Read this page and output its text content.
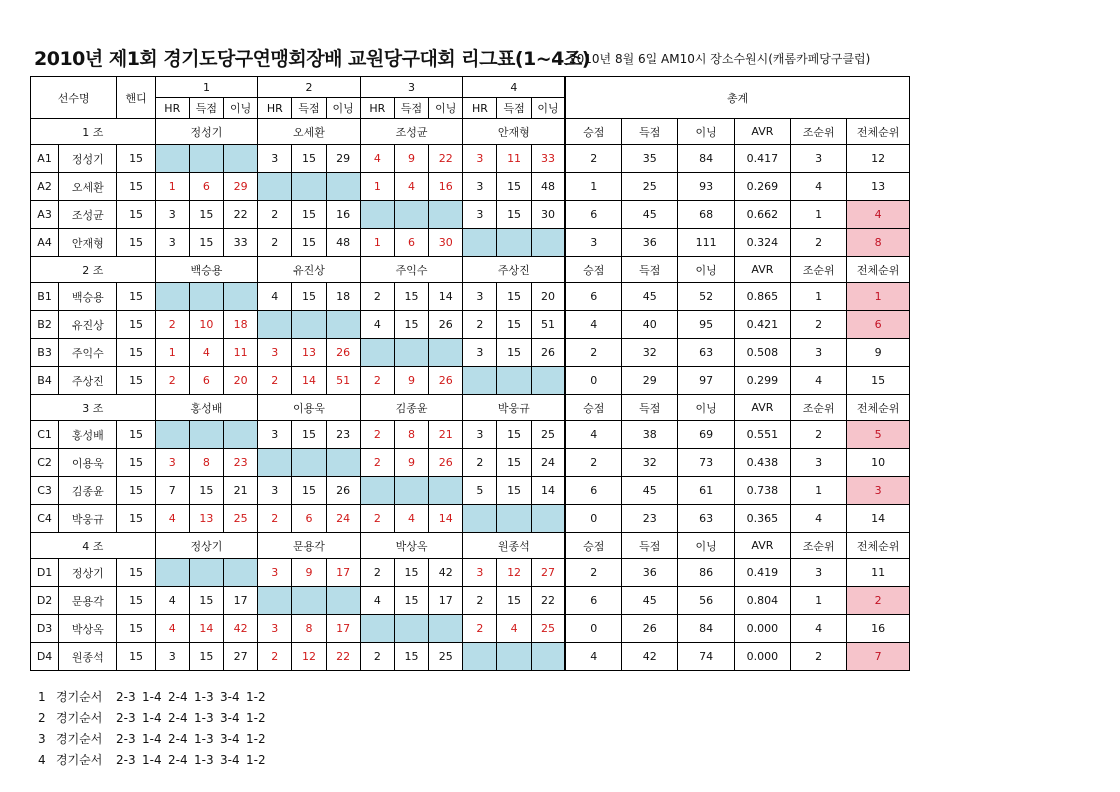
2010년 제1회 경기도당구연맹회장배 교원당구대회 리그표(1~4조)
2010년 8월 6일 AM10시 장소수원시(캐롬카페당구클럽)
선수명		핸디	1			2			3			4			총계					
			HR	득점	이닝	HR	득점	이닝	HR	득점	이닝	HR	득점	이닝						
1 조			정성기			오세환			조성균			안재형			승점	득점	이닝	AVR	조순위	전체순위
A1	정성기	15				3	15	29	4	9	22	3	11	33	2	35	84	0.417	3	12
A2	오세환	15	1	6	29				1	4	16	3	15	48	1	25	93	0.269	4	13
A3	조성균	15	3	15	22	2	15	16				3	15	30	6	45	68	0.662	1	4
A4	안재형	15	3	15	33	2	15	48	1	6	30				3	36	111	0.324	2	8
2 조			백승용			유진상			주익수			주상진			승점	득점	이닝	AVR	조순위	전체순위
B1	백승용	15				4	15	18	2	15	14	3	15	20	6	45	52	0.865	1	1
B2	유진상	15	2	10	18				4	15	26	2	15	51	4	40	95	0.421	2	6
B3	주익수	15	1	4	11	3	13	26				3	15	26	2	32	63	0.508	3	9
B4	주상진	15	2	6	20	2	14	51	2	9	26				0	29	97	0.299	4	15
3 조			홍성배			이용욱			김종윤			박웅규			승점	득점	이닝	AVR	조순위	전체순위
C1	홍성배	15				3	15	23	2	8	21	3	15	25	4	38	69	0.551	2	5
C2	이용욱	15	3	8	23				2	9	26	2	15	24	2	32	73	0.438	3	10
C3	김종윤	15	7	15	21	3	15	26				5	15	14	6	45	61	0.738	1	3
C4	박웅규	15	4	13	25	2	6	24	2	4	14				0	23	63	0.365	4	14
4 조			정상기			문용각			박상옥			원종석			승점	득점	이닝	AVR	조순위	전체순위
D1	정상기	15				3	9	17	2	15	42	3	12	27	2	36	86	0.419	3	11
D2	문용각	15	4	15	17				4	15	17	2	15	22	6	45	56	0.804	1	2
D3	박상옥	15	4	14	42	3	8	17				2	4	25	0	26	84	0.000	4	16
D4	원종석	15	3	15	27	2	12	22	2	15	25				4	42	74	0.000	2	7
1 경기순서 2-3 1-4 2-4 1-3 3-4 1-2
2 경기순서 2-3 1-4 2-4 1-3 3-4 1-2
3 경기순서 2-3 1-4 2-4 1-3 3-4 1-2
4 경기순서 2-3 1-4 2-4 1-3 3-4 1-2
